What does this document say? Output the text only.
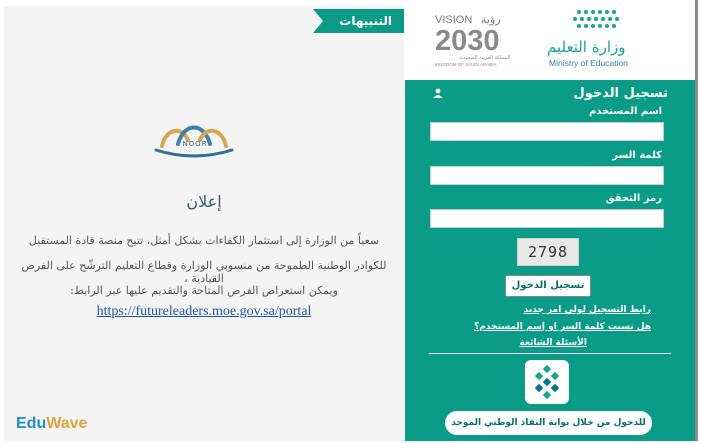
التنبيهات
NOOR
إعلان
سعياً من الوزارة إلى استثمار الكفاءات بشكل أمثل، تتيح منصة قادة المستقبل
للكوادر الوطنية الطموحة من منسوبي الوزارة وقطاع التعليم الترشّح على الفرص القيادية ،
ويمكن استعراض الفرص المتاحة والتقديم عليها عبر الرابط:
https://futureleaders.moe.gov.sa/portal
EduWave
VISION رؤية
2030
المملكة العربية السعودية
KINGDOM OF SAUDI ARABIA
وزارة التعليم
Ministry of Education
تسجيل الدخول
اسم المستخدم
كلمة السر
رمز التحقق
2798
تسجيل الدخول
رابط التسجيل لولي امر جديد
هل نسيت كلمة السر او إسم المستخدم؟
الأسئلة الشائعة
للدخول من خلال بوابة النفاذ الوطني الموحد
